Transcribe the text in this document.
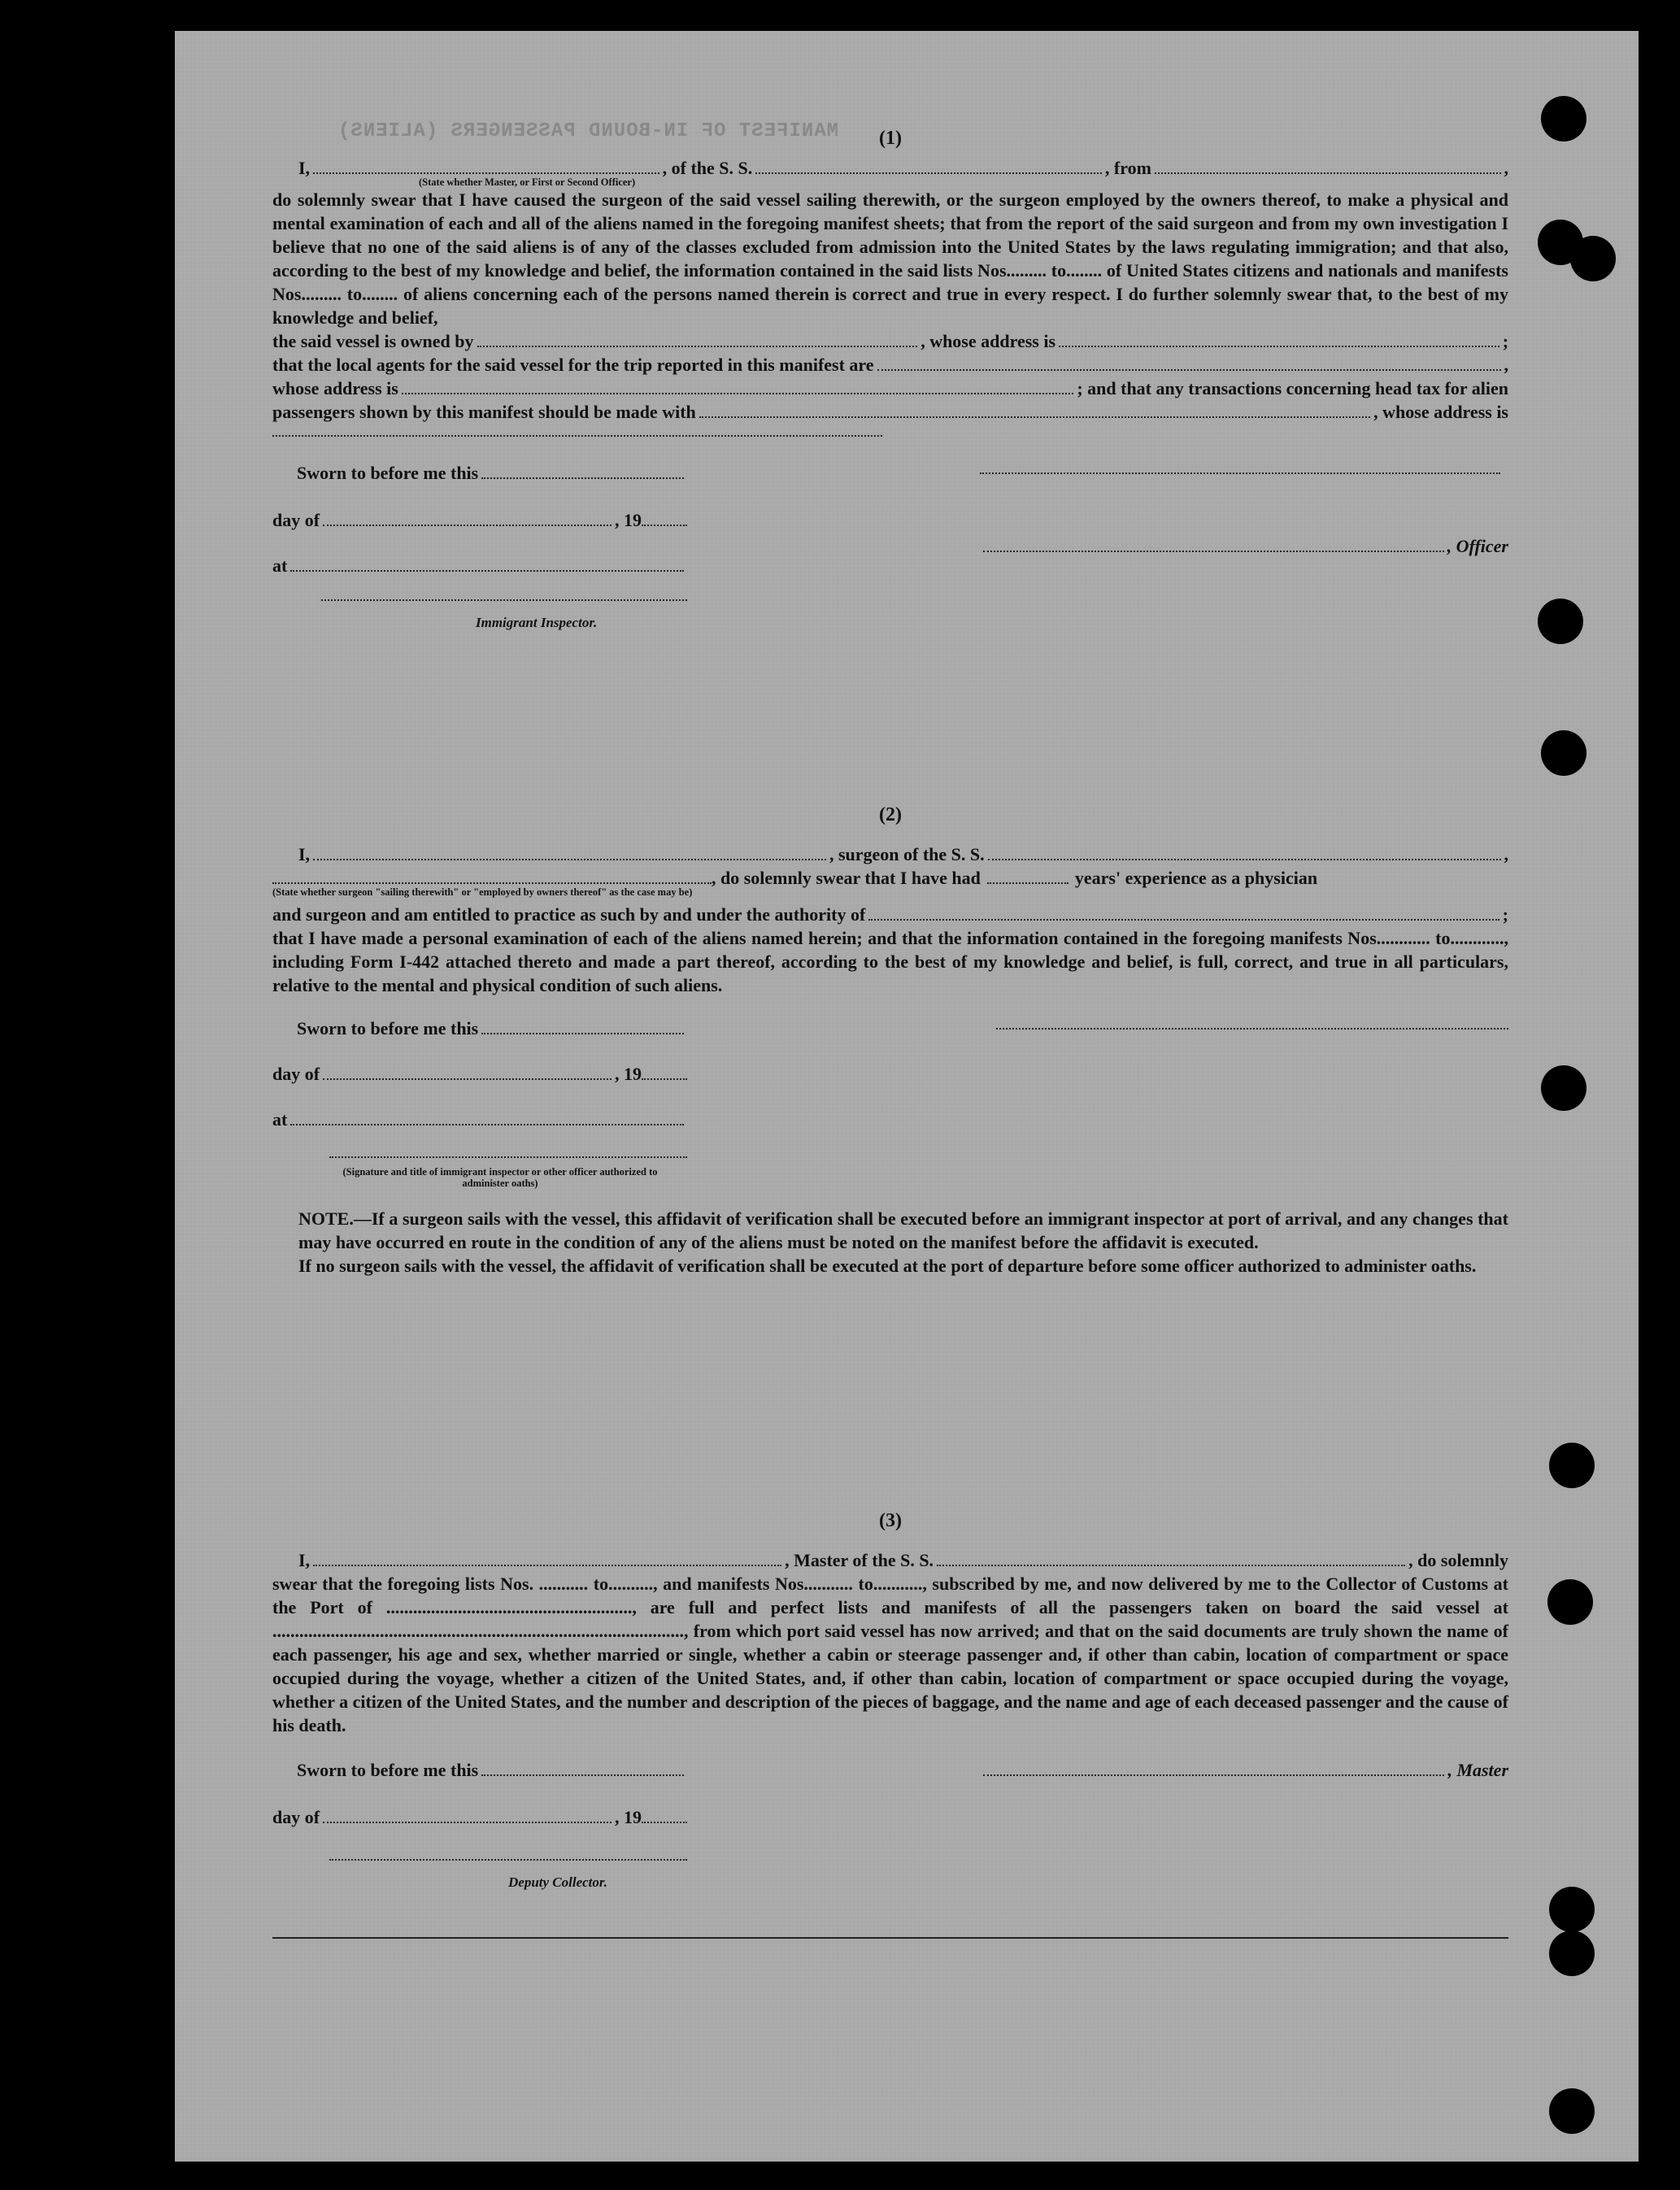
MANIFEST OF IN-BOUND PASSENGERS (ALIENS)	(1)
I,	, of the S. S.	, from	,
(State whether Master, or First or Second Officer)

do solemnly swear that I have caused the surgeon of the said vessel sailing therewith, or the surgeon employed by the owners thereof, to make a physical and mental examination of each and all of the aliens named in the foregoing manifest sheets; that from the report of the said surgeon and from my own investigation I believe that no one of the said aliens is of any of the classes excluded from admission into the United States by the laws regulating immigration; and that also, according to the best of my knowledge and belief, the information contained in the said lists Nos......... to........ of United States citizens and nationals and manifests Nos......... to........ of aliens concerning each of the persons named therein is correct and true in every respect. I do further solemnly swear that, to the best of my knowledge and belief,

the said vessel is owned by	, whose address is	;
that the local agents for the said vessel for the trip reported in this manifest are	,
whose address is	; and that any transactions concerning head tax for alien
passengers shown by this manifest should be made with	, whose address is
Sworn to before me this
day of	, 19
, Officer
at
Immigrant Inspector.
(2)
I,	, surgeon of the S. S.	,
, do solemnly swear that I have had	years' experience as a physician
(State whether surgeon "sailing therewith" or "employed by owners thereof" as the case may be)
and surgeon and am entitled to practice as such by and under the authority of	;

that I have made a personal examination of each of the aliens named herein; and that the information contained in the foregoing manifests Nos............ to............, including Form I-442 attached thereto and made a part thereof, according to the best of my knowledge and belief, is full, correct, and true in all particulars, relative to the mental and physical condition of such aliens.

Sworn to before me this
day of	, 19
at
(Signature and title of immigrant inspector or other officer authorized to administer oaths)

NOTE.—If a surgeon sails with the vessel, this affidavit of verification shall be executed before an immigrant inspector at port of arrival, and any changes that may have occurred en route in the condition of any of the aliens must be noted on the manifest before the affidavit is executed.

If no surgeon sails with the vessel, the affidavit of verification shall be executed at the port of departure before some officer authorized to administer oaths.

(3)
I,	, Master of the S. S.	, do solemnly

swear that the foregoing lists Nos. ........... to.........., and manifests Nos........... to..........., subscribed by me, and now delivered by me to the Collector of Customs at the Port of ......................................................., are full and perfect lists and manifests of all the passengers taken on board the said vessel at ............................................................................................, from which port said vessel has now arrived; and that on the said documents are truly shown the name of each passenger, his age and sex, whether married or single, whether a cabin or steerage passenger and, if other than cabin, location of compartment or space occupied during the voyage, whether a citizen of the United States, and, if other than cabin, location of compartment or space occupied during the voyage, whether a citizen of the United States, and the number and description of the pieces of baggage, and the name and age of each deceased passenger and the cause of his death.

Sworn to before me this	, Master
day of	, 19
Deputy Collector.
